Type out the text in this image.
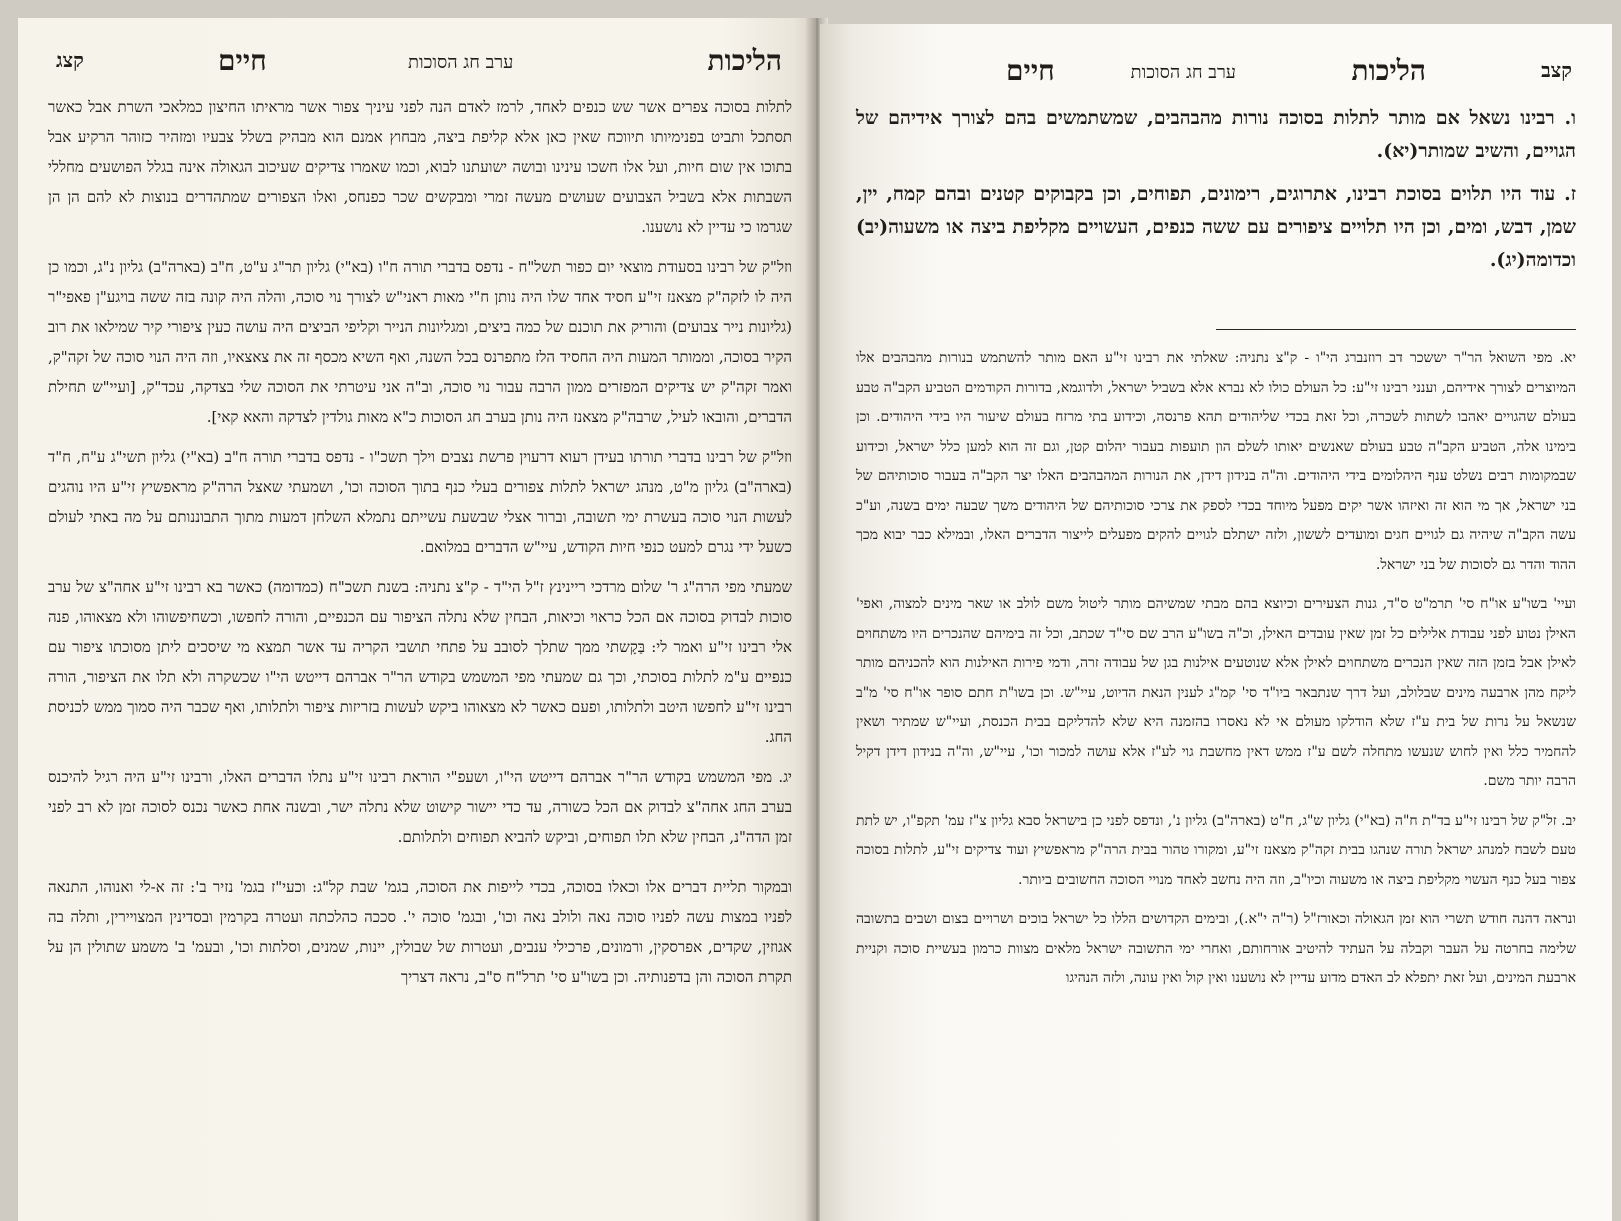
קצג	חיים	ערב חג הסוכות	הליכות

לתלות בסוכה צפרים אשר שש כנפים לאחד, לרמז לאדם הנה לפני עיניך צפור אשר מראיתו החיצון כמלאכי השרת אבל כאשר תסתכל ותביט בפנימיותו תיווכח שאין כאן אלא קליפת ביצה, מבחוץ אמנם הוא מבהיק בשלל צבעיו ומזהיר כזוהר הרקיע אבל בתוכו אין שום חיות, ועל אלו חשכו עינינו ובושה ישועתנו לבוא, וכמו שאמרו צדיקים שעיכוב הגאולה אינה בגלל הפושעים מחללי השבתות אלא בשביל הצבועים שעושים מעשה זמרי ומבקשים שכר כפנחס, ואלו הצפורים שמתהדרים בנוצות לא להם הן הן שגרמו כי עדיין לא נושענו.

וזל"ק של רבינו בסעודת מוצאי יום כפור תשל"ח - נדפס בדברי תורה ח"ו (בא"י) גליון תר"ג ע"ט, ח"ב (בארה"ב) גליון נ"ג, וכמו כן היה לו לזקה"ק מצאנז זי"ע חסיד אחד שלו היה נותן ח"י מאות ראני"ש לצורך נוי סוכה, והלה היה קונה בזה ששה בויגע"ן פאפי"ר (גליונות נייר צבועים) והוריק את תוכנם של כמה ביצים, ומגליונות הנייר וקליפי הביצים היה עושה כעין ציפורי קיר שמילאו את רוב הקיר בסוכה, וממותר המעות היה החסיד הלז מתפרנס בכל השנה, ואף השיא מכסף זה את צאצאיו, וזה היה הנוי סוכה של זקה"ק, ואמר זקה"ק יש צדיקים המפזרים ממון הרבה עבור נוי סוכה, וב"ה אני עיטרתי את הסוכה שלי בצדקה, עכד"ק, [ועיי"ש תחילת הדברים, והובאו לעיל, שרבה"ק מצאנז היה נותן בערב חג הסוכות כ"א מאות גולדין לצדקה והאא קאי].

וזל"ק של רבינו בדברי תורתו בעידן רעוא דרעוין פרשת נצבים וילך תשכ"ו - נדפס בדברי תורה ח"ב (בא"י) גליון תשי"ג ע"ח, ח"ד (בארה"ב) גליון מ"ט, מנהג ישראל לתלות צפורים בעלי כנף בתוך הסוכה וכו', ושמעתי שאצל הרה"ק מראפשיץ זי"ע היו נוהגים לעשות הנוי סוכה בעשרת ימי תשובה, וברור אצלי שבשעת עשייתם נתמלא השלחן דמעות מתוך התבוננותם על מה באתי לעולם כשעל ידי נגרם למעט כנפי חיות הקודש, עיי"ש הדברים במלואם.

שמעתי מפי הרה"ג ר' שלום מרדכי ריינינץ ז"ל הי"ד - ק"צ נתניה: בשנת תשכ"ח (כמדומה) כאשר בא רבינו זי"ע אחה"צ של ערב סוכות לבדוק בסוכה אם הכל כראוי וכיאות, הבחין שלא נתלה הציפור עם הכנפיים, והורה לחפשו, וכשחיפשוהו ולא מצאוהו, פנה אלי רבינו זי"ע ואמר לי: בַּקָשתי ממך שתלך לסובב על פתחי תושבי הקריה עד אשר תמצא מי שיסכים ליתן מסוכתו ציפור עם כנפיים ע"מ לתלות בסוכתי, וכך גם שמעתי מפי המשמש בקודש הר"ר אברהם דייטש הי"ו שכשקרה ולא תלו את הציפור, הורה רבינו זי"ע לחפשו היטב ולתלותו, ופעם כאשר לא מצאוהו ביקש לעשות בזריזות ציפור ולתלותו, ואף שכבר היה סמוך ממש לכניסת החג.

יג. מפי המשמש בקודש הר"ר אברהם דייטש הי"ו, ושעפ"י הוראת רבינו זי"ע נתלו הדברים האלו, ורבינו זי"ע היה רגיל להיכנס בערב החג אחה"צ לבדוק אם הכל כשורה, עד כדי יישור קישוט שלא נתלה ישר, ובשנה אחת כאשר נכנס לסוכה זמן לא רב לפני זמן הדה"נ, הבחין שלא תלו תפוחים, וביקש להביא תפוחים ולתלותם.

ובמקור תליית דברים אלו וכאלו בסוכה, בכדי לייפות את הסוכה, בגמ' שבת קל"ג: וכעי"ז בגמ' נזיר ב': זה א-לי ואנוהו, התנאה לפניו במצות עשה לפניו סוכה נאה ולולב נאה וכו', ובגמ' סוכה י'. סככה כהלכתה ועטרה בקרמין ובסדינין המצויירין, ותלה בה אגוזין, שקדים, אפרסקין, ורמונים, פרכילי ענבים, ועטרות של שבולין, יינות, שמנים, וסלתות וכו', ובעמ' ב' משמע שתולין הן על תקרת הסוכה והן בדפנותיה. וכן בשו"ע סי' תרל"ח ס"ב, נראה דצריך

קצב
הליכות
ערב חג הסוכות
חיים

ו. רבינו נשאל אם מותר לתלות בסוכה נורות מהבהבים, שמשתמשים בהם לצורך אידיהם של הגויים, והשיב שמותר(יא).

ז. עוד היו תלוים בסוכת רבינו, אתרוגים, רימונים, תפוחים, וכן בקבוקים קטנים ובהם קמח, יין, שמן, דבש, ומים, וכן היו תלויים ציפורים עם ששה כנפים, העשויים מקליפת ביצה או משעוה(יב) וכדומה(יג).

יא. מפי השואל הר"ר יששכר דב רוזנברג הי"ו - ק"צ נתניה: שאלתי את רבינו זי"ע האם מותר להשתמש בנורות מהבהבים אלו המיוצרים לצורך אידיהם, וענני רבינו זי"ע: כל העולם כולו לא נברא אלא בשביל ישראל, ולדוגמא, בדורות הקודמים הטביע הקב"ה טבע בעולם שהגויים יאהבו לשתות לשכרה, וכל זאת בכדי שליהודים תהא פרנסה, וכידוע בתי מרזח בעולם שיעור היו בידי היהודים. וכן בימינו אלה, הטביע הקב"ה טבע בעולם שאנשים יאותו לשלם הון תועפות בעבור יהלום קטן, וגם זה הוא למען כלל ישראל, וכידוע שבמקומות רבים נשלט ענף היהלומים בידי היהודים. וה"ה בנידון דידן, את הנורות המהבהבים האלו יצר הקב"ה בעבור סוכותיהם של בני ישראל, אך מי הוא זה ואיזהו אשר יקים מפעל מיוחד בכדי לספק את צרכי סוכותיהם של היהודים משך שבעה ימים בשנה, וע"כ עשה הקב"ה שיהיה גם לגויים חגים ומועדים לששון, ולזה ישתלם לגויים להקים מפעלים לייצור הדברים האלו, ובמילא כבר יבוא מכך ההוד והדר גם לסוכות של בני ישראל.

ועיי' בשו"ע או"ח סי' תרמ"ט ס"ד, גנות הצעירים וכיוצא בהם מבתי שמשיהם מותר ליטול משם לולב או שאר מינים למצוה, ואפי' האילן נטוע לפני עבודת אלילים כל זמן שאין עובדים האילן, וכ"ה בשו"ע הרב שם סי"ד שכתב, וכל זה בימיהם שהנכרים היו משתחוים לאילן אבל בזמן הזה שאין הנכרים משתחוים לאילן אלא שנוטעים אילנות בגן של עבודה זרה, ודמי פירות האילנות הוא להכניהם מותר ליקח מהן ארבעה מינים שבלולב, ועל דרך שנתבאר ביו"ד סי' קמ"ג לענין הנאת הדיוט, עיי"ש. וכן בשו"ת חתם סופר או"ח סי' מ"ב שנשאל על נרות של בית ע"ז שלא הודלקו מעולם אי לא נאסרו בהזמנה היא שלא להדליקם בבית הכנסת, ועיי"ש שמתיר ושאין להחמיר כלל ואין לחוש שנעשו מתחלה לשם ע"ז ממש דאין מחשבת גוי לע"ז אלא עושה למכור וכו', עיי"ש, וה"ה בנידון דידן דקיל הרבה יותר משם.

יב. זל"ק של רבינו זי"ע בד"ת ח"ה (בא"י) גליון ש"ג, ח"ט (בארה"ב) גליון נ', ונדפס לפני כן בישראל סבא גליון צ"ז עמ' תקפ"ו, יש לתת טעם לשבח למנהג ישראל תורה שנהגו בבית זקה"ק מצאנז זי"ע, ומקורו טהור בבית הרה"ק מראפשיץ ועוד צדיקים זי"ע, לתלות בסוכה צפור בעל כנף העשוי מקליפת ביצה או משעוה וכיו"ב, וזה היה נחשב לאחד מנויי הסוכה החשובים ביותר.

ונראה דהנה חודש תשרי הוא זמן הגאולה וכאורז"ל (ר"ה י"א.), ובימים הקדושים הללו כל ישראל בוכים ושרויים בצום ושבים בתשובה שלימה בחרטה על העבר וקבלה על העתיד להיטיב אורחותם, ואחרי ימי התשובה ישראל מלאים מצוות כרמון בעשיית סוכה וקניית ארבעת המינים, ועל זאת יתפלא לב האדם מדוע עדיין לא נושענו ואין קול ואין עונה, ולזה הנהיגו
